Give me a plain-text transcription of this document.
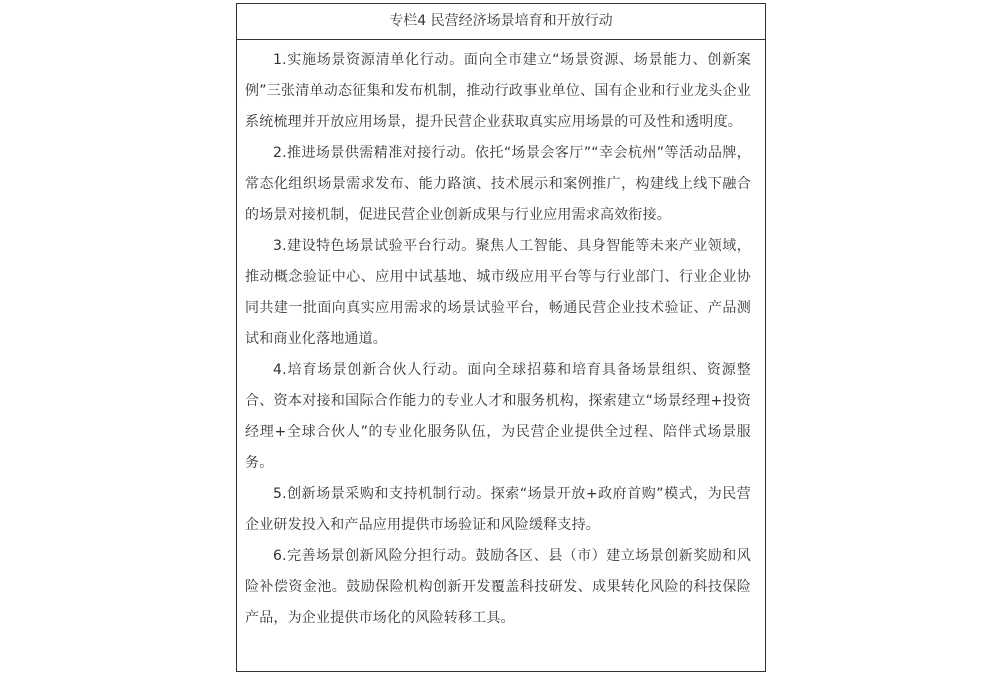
专栏4 民营经济场景培育和开放行动

1.实施场景资源清单化行动。面向全市建立“场景资源、场景能力、创新案例”三张清单动态征集和发布机制，推动行政事业单位、国有企业和行业龙头企业系统梳理并开放应用场景，提升民营企业获取真实应用场景的可及性和透明度。

2.推进场景供需精准对接行动。依托“场景会客厅”“幸会杭州”等活动品牌，常态化组织场景需求发布、能力路演、技术展示和案例推广，构建线上线下融合的场景对接机制，促进民营企业创新成果与行业应用需求高效衔接。

3.建设特色场景试验平台行动。聚焦人工智能、具身智能等未来产业领域，推动概念验证中心、应用中试基地、城市级应用平台等与行业部门、行业企业协同共建一批面向真实应用需求的场景试验平台，畅通民营企业技术验证、产品测试和商业化落地通道。

4.培育场景创新合伙人行动。面向全球招募和培育具备场景组织、资源整合、资本对接和国际合作能力的专业人才和服务机构，探索建立“场景经理+投资经理+全球合伙人”的专业化服务队伍，为民营企业提供全过程、陪伴式场景服务。

5.创新场景采购和支持机制行动。探索“场景开放+政府首购”模式，为民营企业研发投入和产品应用提供市场验证和风险缓释支持。

6.完善场景创新风险分担行动。鼓励各区、县（市）建立场景创新奖励和风险补偿资金池。鼓励保险机构创新开发覆盖科技研发、成果转化风险的科技保险产品，为企业提供市场化的风险转移工具。
